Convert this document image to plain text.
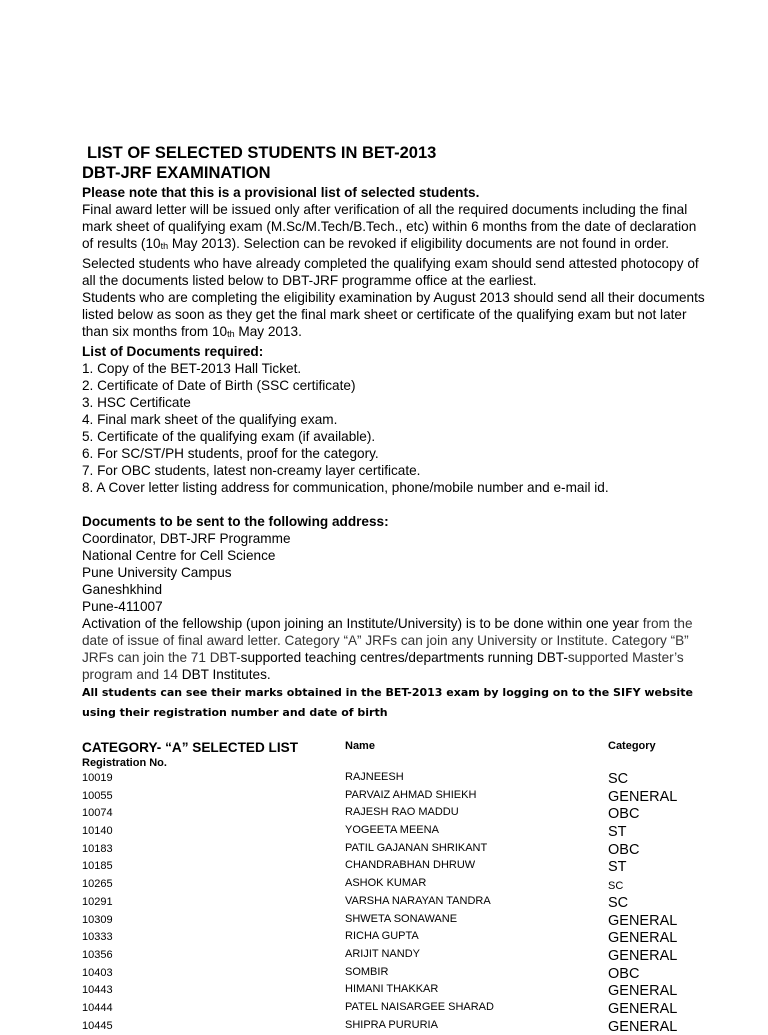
LIST OF SELECTED STUDENTS IN BET-2013
DBT-JRF EXAMINATION

Please note that this is a provisional list of selected students.

Final award letter will be issued only after verification of all the required documents including the final mark sheet of qualifying exam (M.Sc/M.Tech/B.Tech., etc) within 6 months from the date of declaration of results (10th May 2013). Selection can be revoked if eligibility documents are not found in order.

Selected students who have already completed the qualifying exam should send attested photocopy of all the documents listed below to DBT-JRF programme office at the earliest.

Students who are completing the eligibility examination by August 2013 should send all their documents listed below as soon as they get the final mark sheet or certificate of the qualifying exam but not later than six months from 10th May 2013.

List of Documents required:

1. Copy of the BET-2013 Hall Ticket.

2. Certificate of Date of Birth (SSC certificate)

3. HSC Certificate

4. Final mark sheet of the qualifying exam.

5. Certificate of the qualifying exam (if available).

6. For SC/ST/PH students, proof for the category.

7. For OBC students, latest non-creamy layer certificate.

8. A Cover letter listing address for communication, phone/mobile number and e-mail id.

Documents to be sent to the following address:

Coordinator, DBT-JRF Programme

National Centre for Cell Science

Pune University Campus

Ganeshkhind

Pune-411007

Activation of the fellowship (upon joining an Institute/University) is to be done within one year from the date of issue of final award letter. Category “A” JRFs can join any University or Institute. Category “B” JRFs can join the 71 DBT-supported teaching centres/departments running DBT-supported Master’s program and 14 DBT Institutes.

All students can see their marks obtained in the BET-2013 exam by logging on to the SIFY website using their registration number and date of birth

CATEGORY- “A” SELECTED LIST
Registration No.
Name	Category
10019	RAJNEESH	SC
10055	PARVAIZ AHMAD SHIEKH	GENERAL
10074	RAJESH RAO MADDU	OBC
10140	YOGEETA MEENA	ST
10183	PATIL GAJANAN SHRIKANT	OBC
10185	CHANDRABHAN DHRUW	ST
10265	ASHOK KUMAR	SC
10291	VARSHA NARAYAN TANDRA	SC
10309	SHWETA SONAWANE	GENERAL
10333	RICHA GUPTA	GENERAL
10356	ARIJIT NANDY	GENERAL
10403	SOMBIR	OBC
10443	HIMANI THAKKAR	GENERAL
10444	PATEL NAISARGEE SHARAD	GENERAL
10445	SHIPRA PURURIA	GENERAL
